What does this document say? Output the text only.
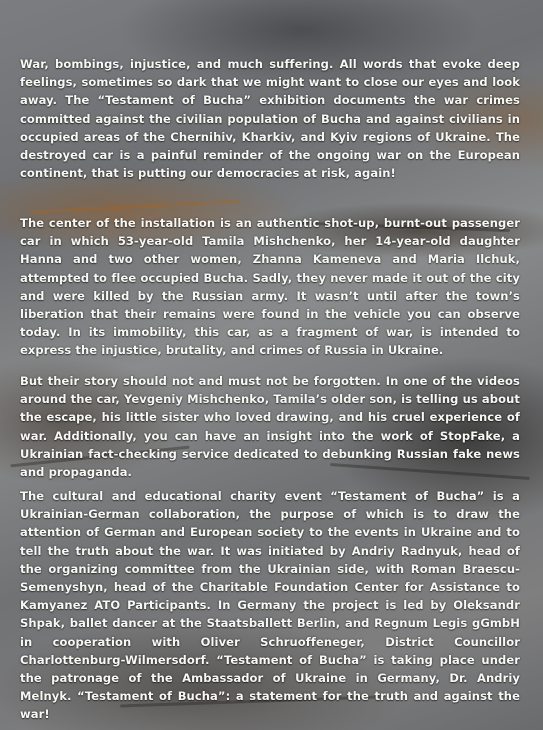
War, bombings, injustice, and much suffering. All words that evoke deep feelings, sometimes so dark that we might want to close our eyes and look away. The “Testament of Bucha” exhibition documents the war crimes committed against the civilian population of Bucha and against civilians in occupied areas of the Chernihiv, Kharkiv, and Kyiv regions of Ukraine. The destroyed car is a painful reminder of the ongoing war on the European continent, that is putting our democracies at risk, again!

The center of the installation is an authentic shot-up, burnt-out passenger car in which 53-year-old Tamila Mishchenko, her 14-year-old daughter Hanna and two other women, Zhanna Kameneva and Maria Ilchuk, attempted to flee occupied Bucha. Sadly, they never made it out of the city and were killed by the Russian army. It wasn’t until after the town’s liberation that their remains were found in the vehicle you can observe today. In its immobility, this car, as a fragment of war, is intended to express the injustice, brutality, and crimes of Russia in Ukraine.

But their story should not and must not be forgotten. In one of the videos around the car, Yevgeniy Mishchenko, Tamila’s older son, is telling us about the escape, his little sister who loved drawing, and his cruel experience of war. Additionally, you can have an insight into the work of StopFake, a Ukrainian fact-checking service dedicated to debunking Russian fake news and propaganda.

The cultural and educational charity event “Testament of Bucha” is a Ukrainian-German collaboration, the purpose of which is to draw the attention of German and European society to the events in Ukraine and to tell the truth about the war. It was initiated by Andriy Radnyuk, head of the organizing committee from the Ukrainian side, with Roman Braescu-Semenyshyn, head of the Charitable Foundation Center for Assistance to Kamyanez ATO Participants. In Germany the project is led by Oleksandr Shpak, ballet dancer at the Staatsballett Berlin, and Regnum Legis gGmbH in cooperation with Oliver Schruoffeneger, District Councillor Charlottenburg-Wilmersdorf. “Testament of Bucha” is taking place under the patronage of the Ambassador of Ukraine in Germany, Dr. Andriy Melnyk. “Testament of Bucha”: a statement for the truth and against the war!
